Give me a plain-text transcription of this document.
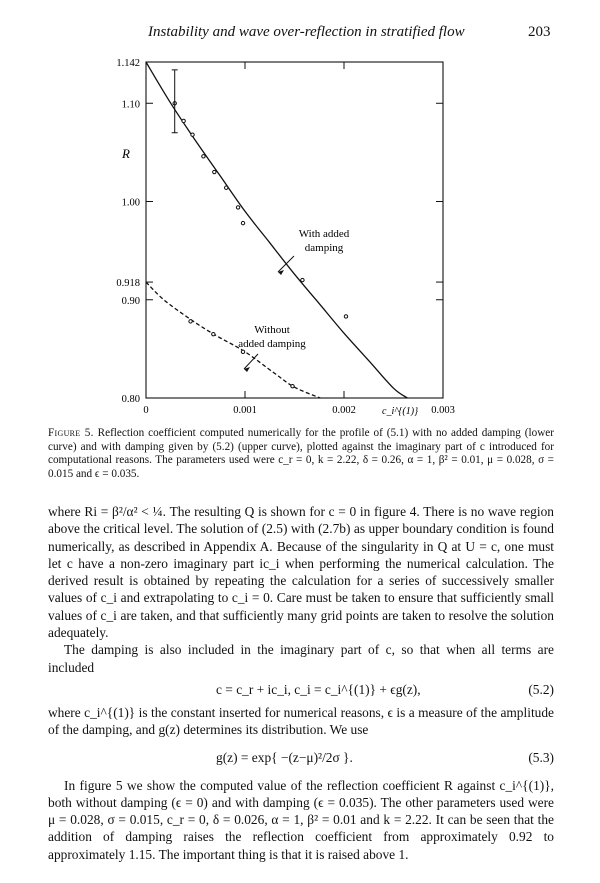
Instability and wave over-reflection in stratified flow	203
0.80
0.90
0.918
1.00
1.10
1.142
0	0.001	0.002	0.003
R
c_i^{(1)}
With added
damping
Without
added damping
Figure 5. Reflection coefficient computed numerically for the profile of (5.1) with no added damping (lower curve) and with damping given by (5.2) (upper curve), plotted against the imaginary part of c introduced for computational reasons. The parameters used were c_r = 0, k = 2.22, δ = 0.26, α = 1, β² = 0.01, μ = 0.028, σ = 0.015 and ϵ = 0.035.

where Ri = β²/α² < ¼. The resulting Q is shown for c = 0 in figure 4. There is no wave region above the critical level. The solution of (2.5) with (2.7b) as upper boundary condition is found numerically, as described in Appendix A. Because of the singularity in Q at U = c, one must let c have a non-zero imaginary part ic_i when performing the numerical calculation. The derived result is obtained by repeating the calculation for a series of successively smaller values of c_i and extrapolating to c_i = 0. Care must be taken to ensure that sufficiently small values of c_i are taken, and that sufficiently many grid points are taken to resolve the solution adequately.

The damping is also included in the imaginary part of c, so that when all terms are included

c = c_r + ic_i, c_i = c_i^{(1)} + ϵg(z),	(5.2)

where c_i^{(1)} is the constant inserted for numerical reasons, ϵ is a measure of the amplitude of the damping, and g(z) determines its distribution. We use

g(z) = exp{ −(z−μ)²/2σ }.	(5.3)

In figure 5 we show the computed value of the reflection coefficient R against c_i^{(1)}, both without damping (ϵ = 0) and with damping (ϵ = 0.035). The other parameters used were μ = 0.028, σ = 0.015, c_r = 0, δ = 0.026, α = 1, β² = 0.01 and k = 2.22. It can be seen that the addition of damping raises the reflection coefficient from approximately 0.92 to approximately 1.15. The important thing is that it is raised above 1.
